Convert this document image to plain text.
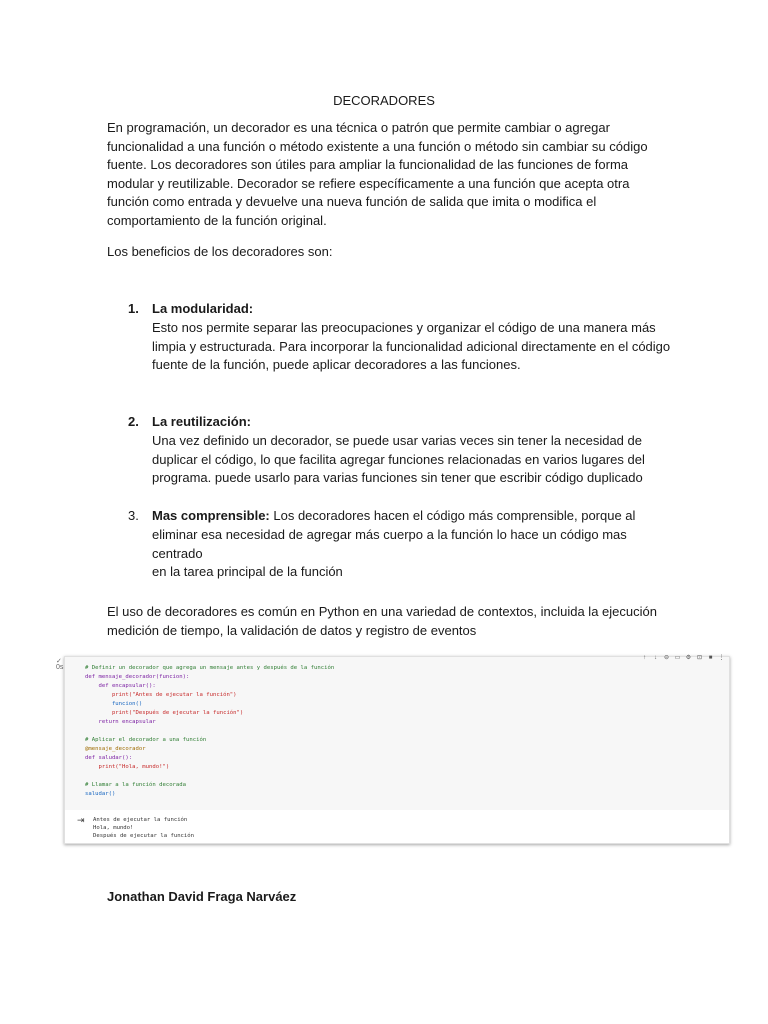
DECORADORES
En programación, un decorador es una técnica o patrón que permite cambiar o agregar
funcionalidad a una función o método existente a una función o método sin cambiar su código
fuente. Los decoradores son útiles para ampliar la funcionalidad de las funciones de forma
modular y reutilizable. Decorador se refiere específicamente a una función que acepta otra
función como entrada y devuelve una nueva función de salida que imita o modifica el
comportamiento de la función original.
Los beneficios de los decoradores son:
1.	La modularidad:
Esto nos permite separar las preocupaciones y organizar el código de una manera más
limpia y estructurada. Para incorporar la funcionalidad adicional directamente en el código
fuente de la función, puede aplicar decoradores a las funciones.
2.	La reutilización:
Una vez definido un decorador, se puede usar varias veces sin tener la necesidad de
duplicar el código, lo que facilita agregar funciones relacionadas en varios lugares del
programa. puede usarlo para varias funciones sin tener que escribir código duplicado
3.	Mas comprensible: Los decoradores hacen el código más comprensible, porque al
eliminar esa necesidad de agregar más cuerpo a la función lo hace un código mas centrado
en la tarea principal de la función
El uso de decoradores es común en Python en una variedad de contextos, incluida la ejecución
medición de tiempo, la validación de datos y registro de eventos
✓
0s
↑	↓	⊖ ▭ ⚙ ⊡ ■ ⋮
# Definir un decorador que agrega un mensaje antes y después de la función
def mensaje_decorador(funcion):
def encapsular():
print("Antes de ejecutar la función")
funcion()
print("Después de ejecutar la función")
return encapsular

# Aplicar el decorador a una función
@mensaje_decorador
def saludar():
print("Hola, mundo!")

# Llamar a la función decorada
saludar()
⇥ Antes de ejecutar la función
Hola, mundo!
Después de ejecutar la función
Jonathan David Fraga Narváez
